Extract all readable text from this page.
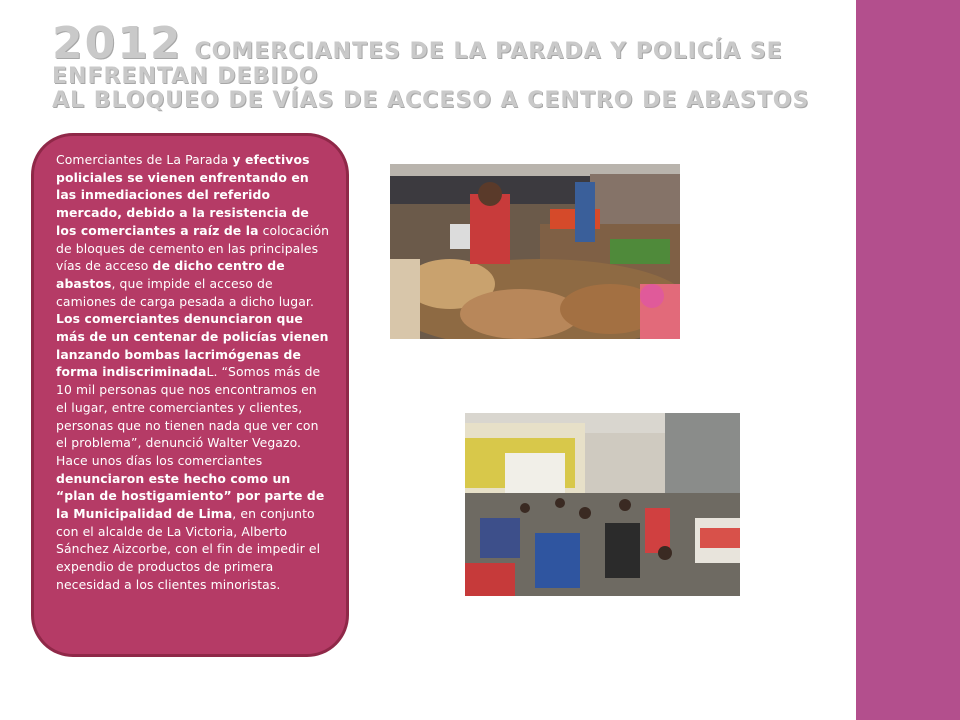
2012 COMERCIANTES DE LA PARADA Y POLICÍA SE ENFRENTAN DEBIDO
AL BLOQUEO DE VÍAS DE ACCESO A CENTRO DE ABASTOS

Comerciantes de La Parada y efectivos policiales se vienen enfrentando en las inmediaciones del referido mercado, debido a la resistencia de los comerciantes a raíz de la colocación de bloques de cemento en las principales vías de acceso de dicho centro de abastos, que impide el acceso de camiones de carga pesada a dicho lugar.

Los comerciantes denunciaron que más de un centenar de policías vienen lanzando bombas lacrimógenas de forma indiscriminadaL. “Somos más de 10 mil personas que nos encontramos en el lugar, entre comerciantes y clientes, personas que no tienen nada que ver con el problema”, denunció Walter Vegazo.

Hace unos días los comerciantes denunciaron este hecho como un “plan de hostigamiento” por parte de la Municipalidad de Lima, en conjunto con el alcalde de La Victoria, Alberto Sánchez Aizcorbe, con el fin de impedir el expendio de productos de primera necesidad a los clientes minoristas.
